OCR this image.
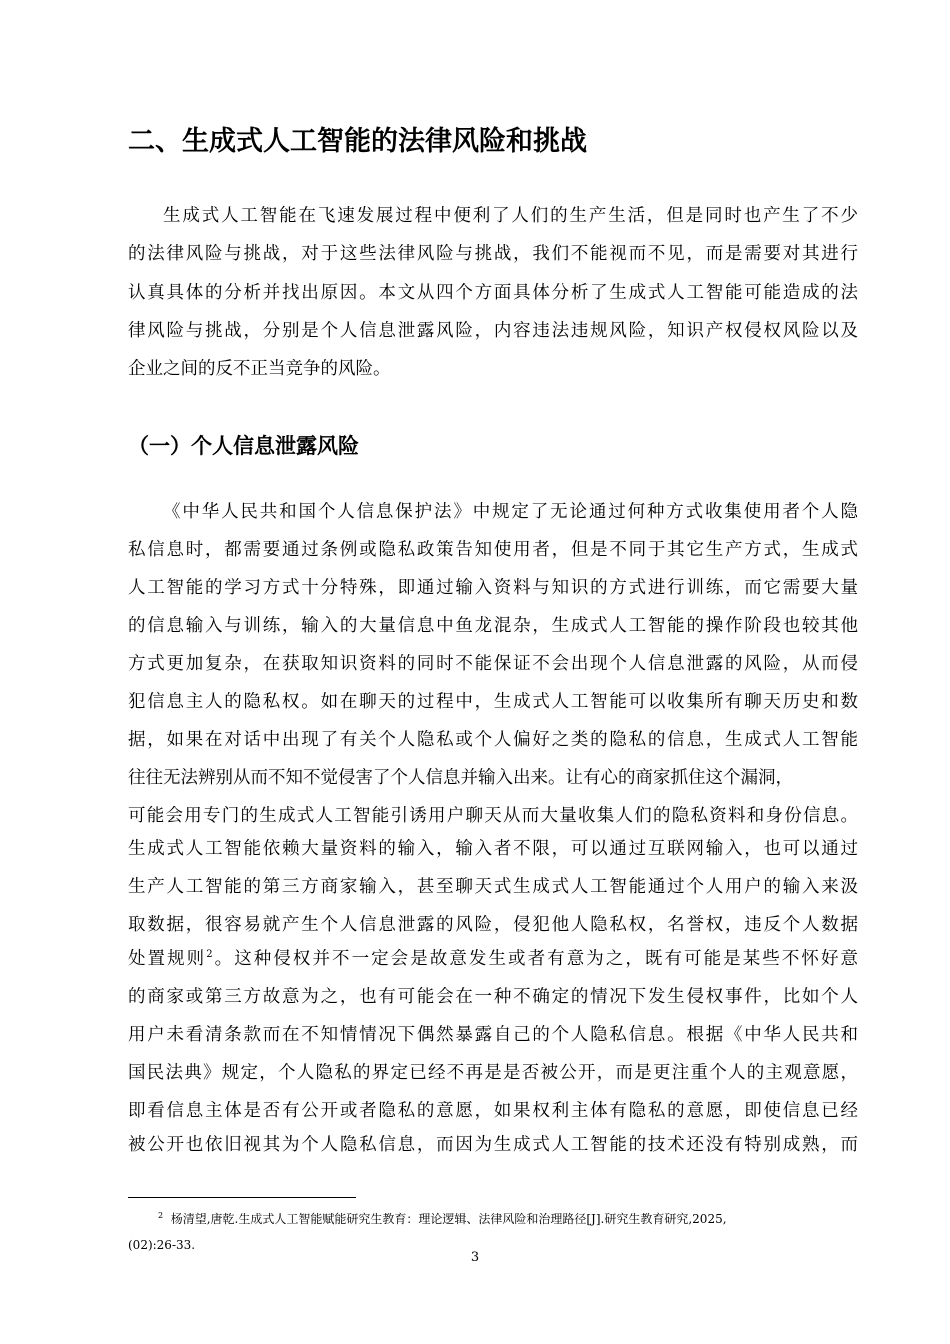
二、生成式人工智能的法律风险和挑战
生成式人工智能在飞速发展过程中便利了人们的生产生活，但是同时也产生了不少
的法律风险与挑战，对于这些法律风险与挑战，我们不能视而不见，而是需要对其进行
认真具体的分析并找出原因。本文从四个方面具体分析了生成式人工智能可能造成的法
律风险与挑战，分别是个人信息泄露风险，内容违法违规风险，知识产权侵权风险以及
企业之间的反不正当竞争的风险。
（一）个人信息泄露风险
《中华人民共和国个人信息保护法》中规定了无论通过何种方式收集使用者个人隐
私信息时，都需要通过条例或隐私政策告知使用者，但是不同于其它生产方式，生成式
人工智能的学习方式十分特殊，即通过输入资料与知识的方式进行训练，而它需要大量
的信息输入与训练，输入的大量信息中鱼龙混杂，生成式人工智能的操作阶段也较其他
方式更加复杂，在获取知识资料的同时不能保证不会出现个人信息泄露的风险，从而侵
犯信息主人的隐私权。如在聊天的过程中，生成式人工智能可以收集所有聊天历史和数
据，如果在对话中出现了有关个人隐私或个人偏好之类的隐私的信息，生成式人工智能
往往无法辨别从而不知不觉侵害了个人信息并输入出来。让有心的商家抓住这个漏洞，
可能会用专门的生成式人工智能引诱用户聊天从而大量收集人们的隐私资料和身份信息。
生成式人工智能依赖大量资料的输入，输入者不限，可以通过互联网输入，也可以通过
生产人工智能的第三方商家输入，甚至聊天式生成式人工智能通过个人用户的输入来汲
取数据，很容易就产生个人信息泄露的风险，侵犯他人隐私权，名誉权，违反个人数据
处置规则$^2$。这种侵权并不一定会是故意发生或者有意为之，既有可能是某些不怀好意
的商家或第三方故意为之，也有可能会在一种不确定的情况下发生侵权事件，比如个人
用户未看清条款而在不知情情况下偶然暴露自己的个人隐私信息。根据《中华人民共和
国民法典》规定，个人隐私的界定已经不再是是否被公开，而是更注重个人的主观意愿，
即看信息主体是否有公开或者隐私的意愿，如果权利主体有隐私的意愿，即使信息已经
被公开也依旧视其为个人隐私信息，而因为生成式人工智能的技术还没有特别成熟，而
$^2$ 杨清望,唐乾.生成式人工智能赋能研究生教育：理论逻辑、法律风险和治理路径[J].研究生教育研究,2025,
(02):26-33.
3
